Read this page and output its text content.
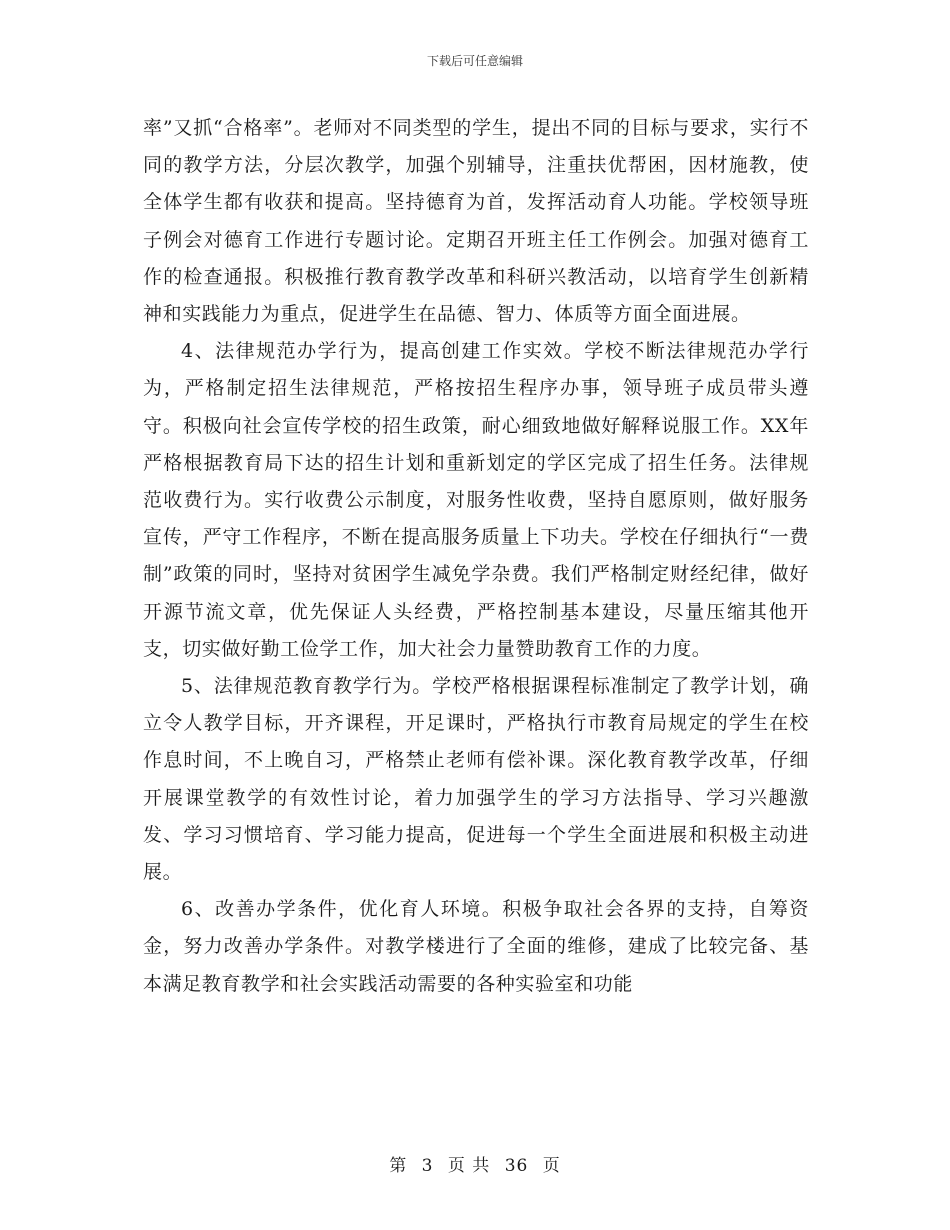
下载后可任意编辑

率”又抓“合格率”。老师对不同类型的学生，提出不同的目标与要求，实行不同的教学方法，分层次教学，加强个别辅导，注重扶优帮困，因材施教，使全体学生都有收获和提高。坚持德育为首，发挥活动育人功能。学校领导班子例会对德育工作进行专题讨论。定期召开班主任工作例会。加强对德育工作的检查通报。积极推行教育教学改革和科研兴教活动，以培育学生创新精神和实践能力为重点，促进学生在品德、智力、体质等方面全面进展。

4、法律规范办学行为，提高创建工作实效。学校不断法律规范办学行为，严格制定招生法律规范，严格按招生程序办事，领导班子成员带头遵守。积极向社会宣传学校的招生政策，耐心细致地做好解释说服工作。XX年严格根据教育局下达的招生计划和重新划定的学区完成了招生任务。法律规范收费行为。实行收费公示制度，对服务性收费，坚持自愿原则，做好服务宣传，严守工作程序，不断在提高服务质量上下功夫。学校在仔细执行“一费制”政策的同时，坚持对贫困学生减免学杂费。我们严格制定财经纪律，做好开源节流文章，优先保证人头经费，严格控制基本建设，尽量压缩其他开支，切实做好勤工俭学工作，加大社会力量赞助教育工作的力度。

5、法律规范教育教学行为。学校严格根据课程标准制定了教学计划，确立令人教学目标，开齐课程，开足课时，严格执行市教育局规定的学生在校作息时间，不上晚自习，严格禁止老师有偿补课。深化教育教学改革，仔细开展课堂教学的有效性讨论，着力加强学生的学习方法指导、学习兴趣激发、学习习惯培育、学习能力提高，促进每一个学生全面进展和积极主动进展。

6、改善办学条件，优化育人环境。积极争取社会各界的支持，自筹资金，努力改善办学条件。对教学楼进行了全面的维修，建成了比较完备、基本满足教育教学和社会实践活动需要的各种实验室和功能

第 3 页 共 36 页
